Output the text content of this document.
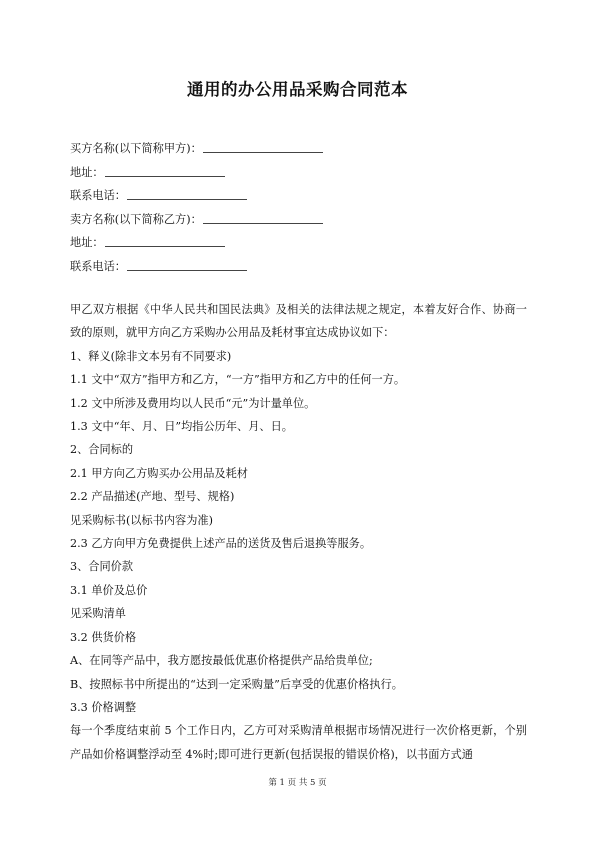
通用的办公用品采购合同范本
买方名称(以下简称甲方)：
地址：
联系电话：
卖方名称(以下简称乙方)：
地址：
联系电话：

甲乙双方根据《中华人民共和国民法典》及相关的法律法规之规定，本着友好合作、协商一致的原则，就甲方向乙方采购办公用品及耗材事宜达成协议如下：

1、释义(除非文本另有不同要求)

1.1 文中“双方”指甲方和乙方，“一方”指甲方和乙方中的任何一方。

1.2 文中所涉及费用均以人民币“元”为计量单位。

1.3 文中“年、月、日”均指公历年、月、日。

2、合同标的

2.1 甲方向乙方购买办公用品及耗材

2.2 产品描述(产地、型号、规格)

见采购标书(以标书内容为准)

2.3 乙方向甲方免费提供上述产品的送货及售后退换等服务。

3、合同价款

3.1 单价及总价

见采购清单

3.2 供货价格

A、在同等产品中，我方愿按最低优惠价格提供产品给贵单位;

B、按照标书中所提出的“达到一定采购量”后享受的优惠价格执行。

3.3 价格调整

每一个季度结束前 5 个工作日内，乙方可对采购清单根据市场情况进行一次价格更新，个别产品如价格调整浮动至 4%时;即可进行更新(包括误报的错误价格)，以书面方式通

第 1 页 共 5 页
